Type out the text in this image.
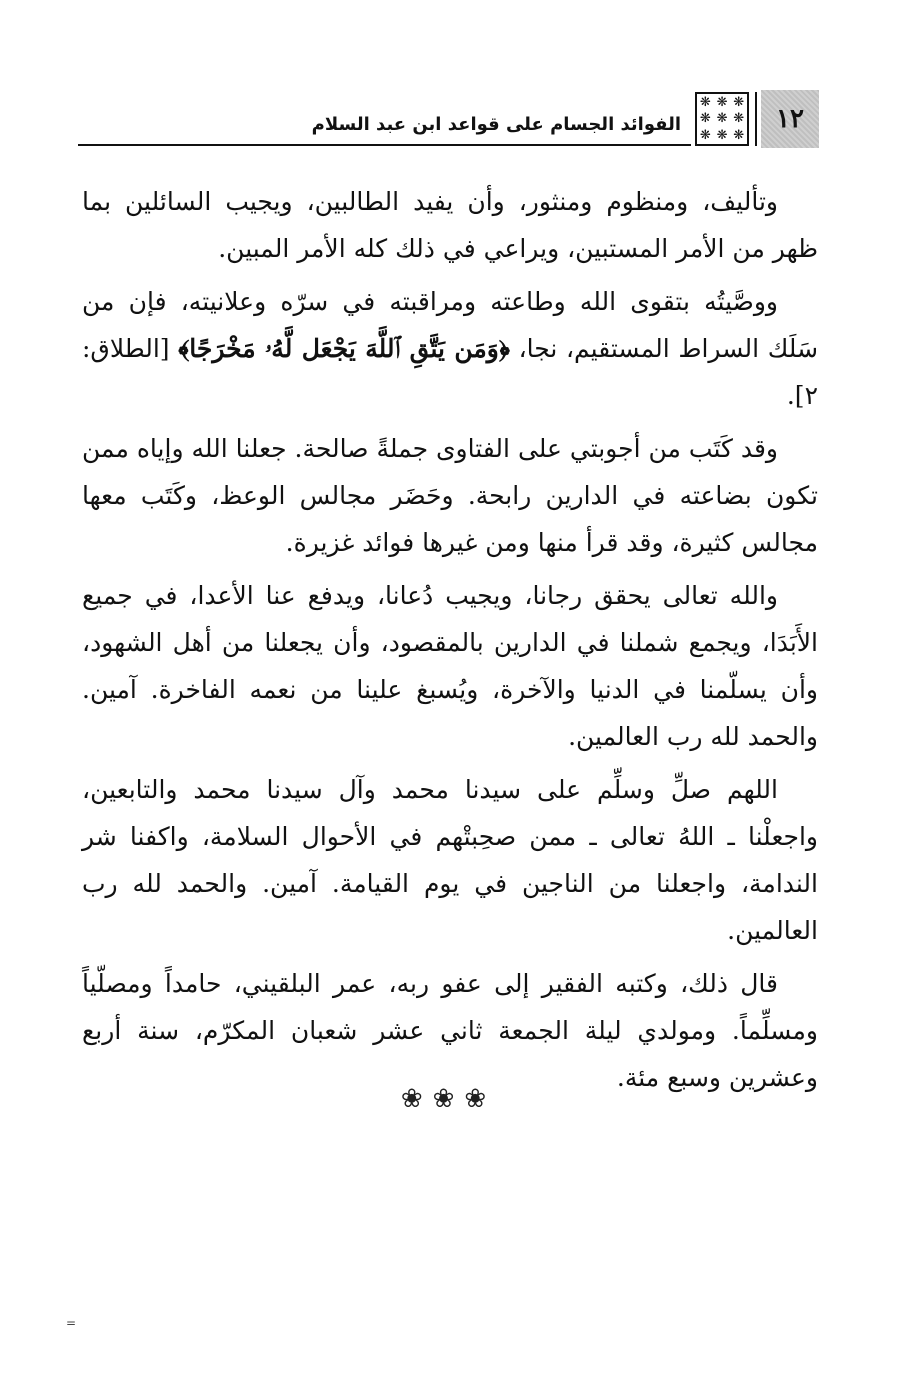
١٢
❋
❋
❋
❋
❋
❋
❋
❋
❋
الفوائد الجسام على قواعد ابن عبد السلام

وتأليف، ومنظوم ومنثور، وأن يفيد الطالبين، ويجيب السائلين بما ظهر من الأمر المستبين، ويراعي في ذلك كله الأمر المبين.

ووصَّيتُه بتقوى الله وطاعته ومراقبته في سرّه وعلانيته، فإن من سَلَك السراط المستقيم، نجا، ﴿وَمَن يَتَّقِ ٱللَّهَ يَجْعَل لَّهُۥ مَخْرَجًا﴾ [الطلاق: ٢].

وقد كَتَب من أجوبتي على الفتاوى جملةً صالحة. جعلنا الله وإياه ممن تكون بضاعته في الدارين رابحة. وحَضَر مجالس الوعظ، وكَتَب معها مجالس كثيرة، وقد قرأ منها ومن غيرها فوائد غزيرة.

والله تعالى يحقق رجانا، ويجيب دُعانا، ويدفع عنا الأعدا، في جميع الأَبَدَا، ويجمع شملنا في الدارين بالمقصود، وأن يجعلنا من أهل الشهود، وأن يسلّمنا في الدنيا والآخرة، ويُسبغ علينا من نعمه الفاخرة. آمين. والحمد لله رب العالمين.

اللهم صلِّ وسلِّم على سيدنا محمد وآل سيدنا محمد والتابعين، واجعلْنا ـ اللهُ تعالى ـ ممن صحِبتْهم في الأحوال السلامة، واكفنا شر الندامة، واجعلنا من الناجين في يوم القيامة. آمين. والحمد لله رب العالمين.

قال ذلك، وكتبه الفقير إلى عفو ربه، عمر البلقيني، حامداً ومصلّياً ومسلِّماً. ومولدي ليلة الجمعة ثاني عشر شعبان المكرّم، سنة أربع وعشرين وسبع مئة.

❀❀❀
=
